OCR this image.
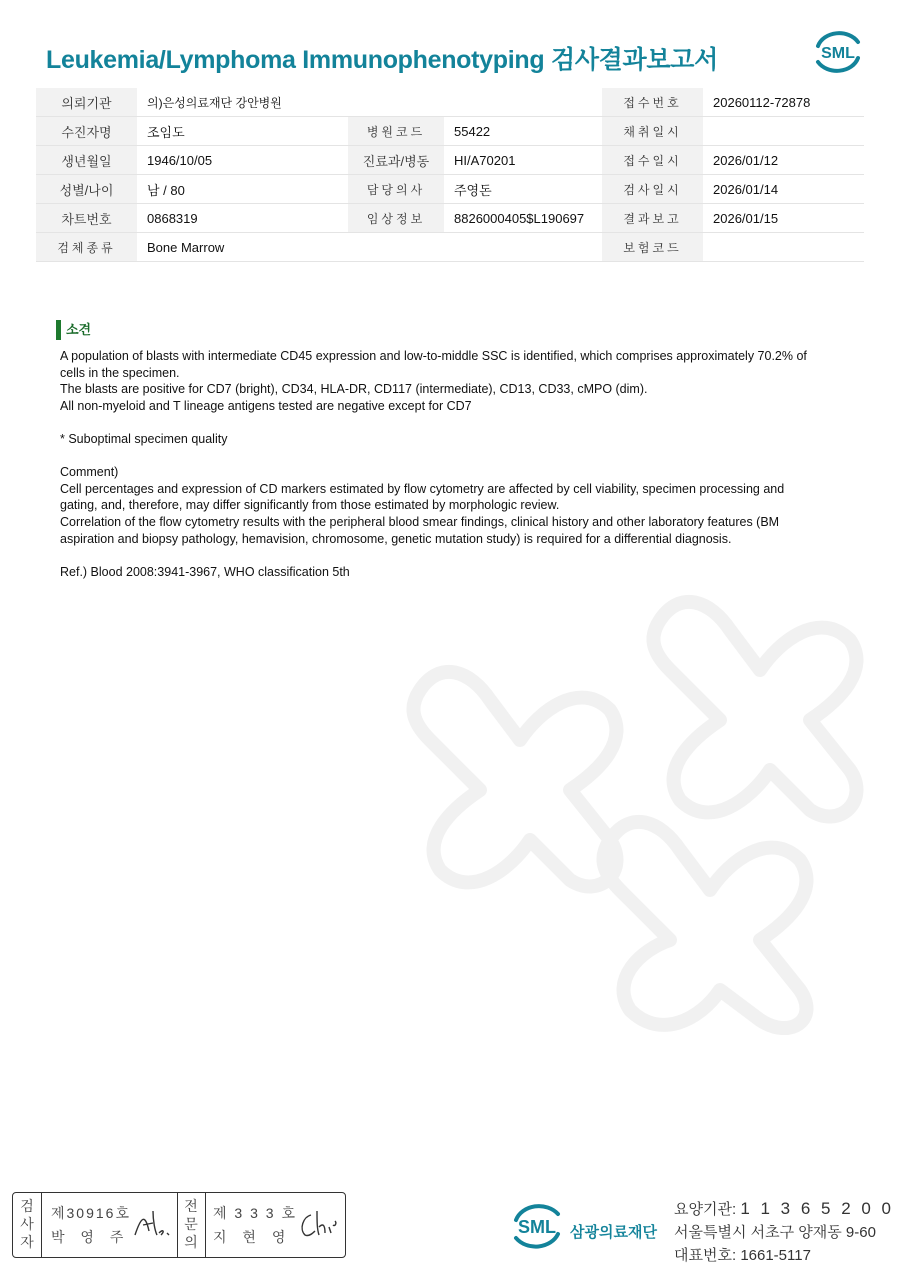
Leukemia/Lymphoma Immunophenotyping 검사결과보고서	SML
의뢰기관	의)은성의료재단 강안병원			접수번호	20260112-72878
수진자명	조임도	병원코드	55422	채취일시	
생년월일	1946/10/05	진료과/병동	HI/A70201	접수일시	2026/01/12
성별/나이	남 / 80	담당의사	주영돈	검사일시	2026/01/14
차트번호	0868319	임상정보	8826000405$L190697	결과보고	2026/01/15
검체종류	Bone Marrow			보험코드	
소견

A population of blasts with intermediate CD45 expression and low-to-middle SSC is identified, which comprises approximately 70.2% of cells in the specimen.

The blasts are positive for CD7 (bright), CD34, HLA-DR, CD117 (intermediate), CD13, CD33, cMPO (dim).

All non-myeloid and T lineage antigens tested are negative except for CD7

* Suboptimal specimen quality

Comment)

Cell percentages and expression of CD markers estimated by flow cytometry are affected by cell viability, specimen processing and gating, and, therefore, may differ significantly from those estimated by morphologic review.

Correlation of the flow cytometry results with the peripheral blood smear findings, clinical history and other laboratory features (BM aspiration and biopsy pathology, hemavision, chromosome, genetic mutation study) is required for a differential diagnosis.

Ref.) Blood 2008:3941-3967, WHO classification 5th

검사자
제30916호
박 영 주
전문의
제 3 3 3 호
지 현 영	SML 삼광의료재단
요양기관: 1 1 3 6 5 2 0 0
서울특별시 서초구 양재동 9-60
대표번호: 1661-5117
